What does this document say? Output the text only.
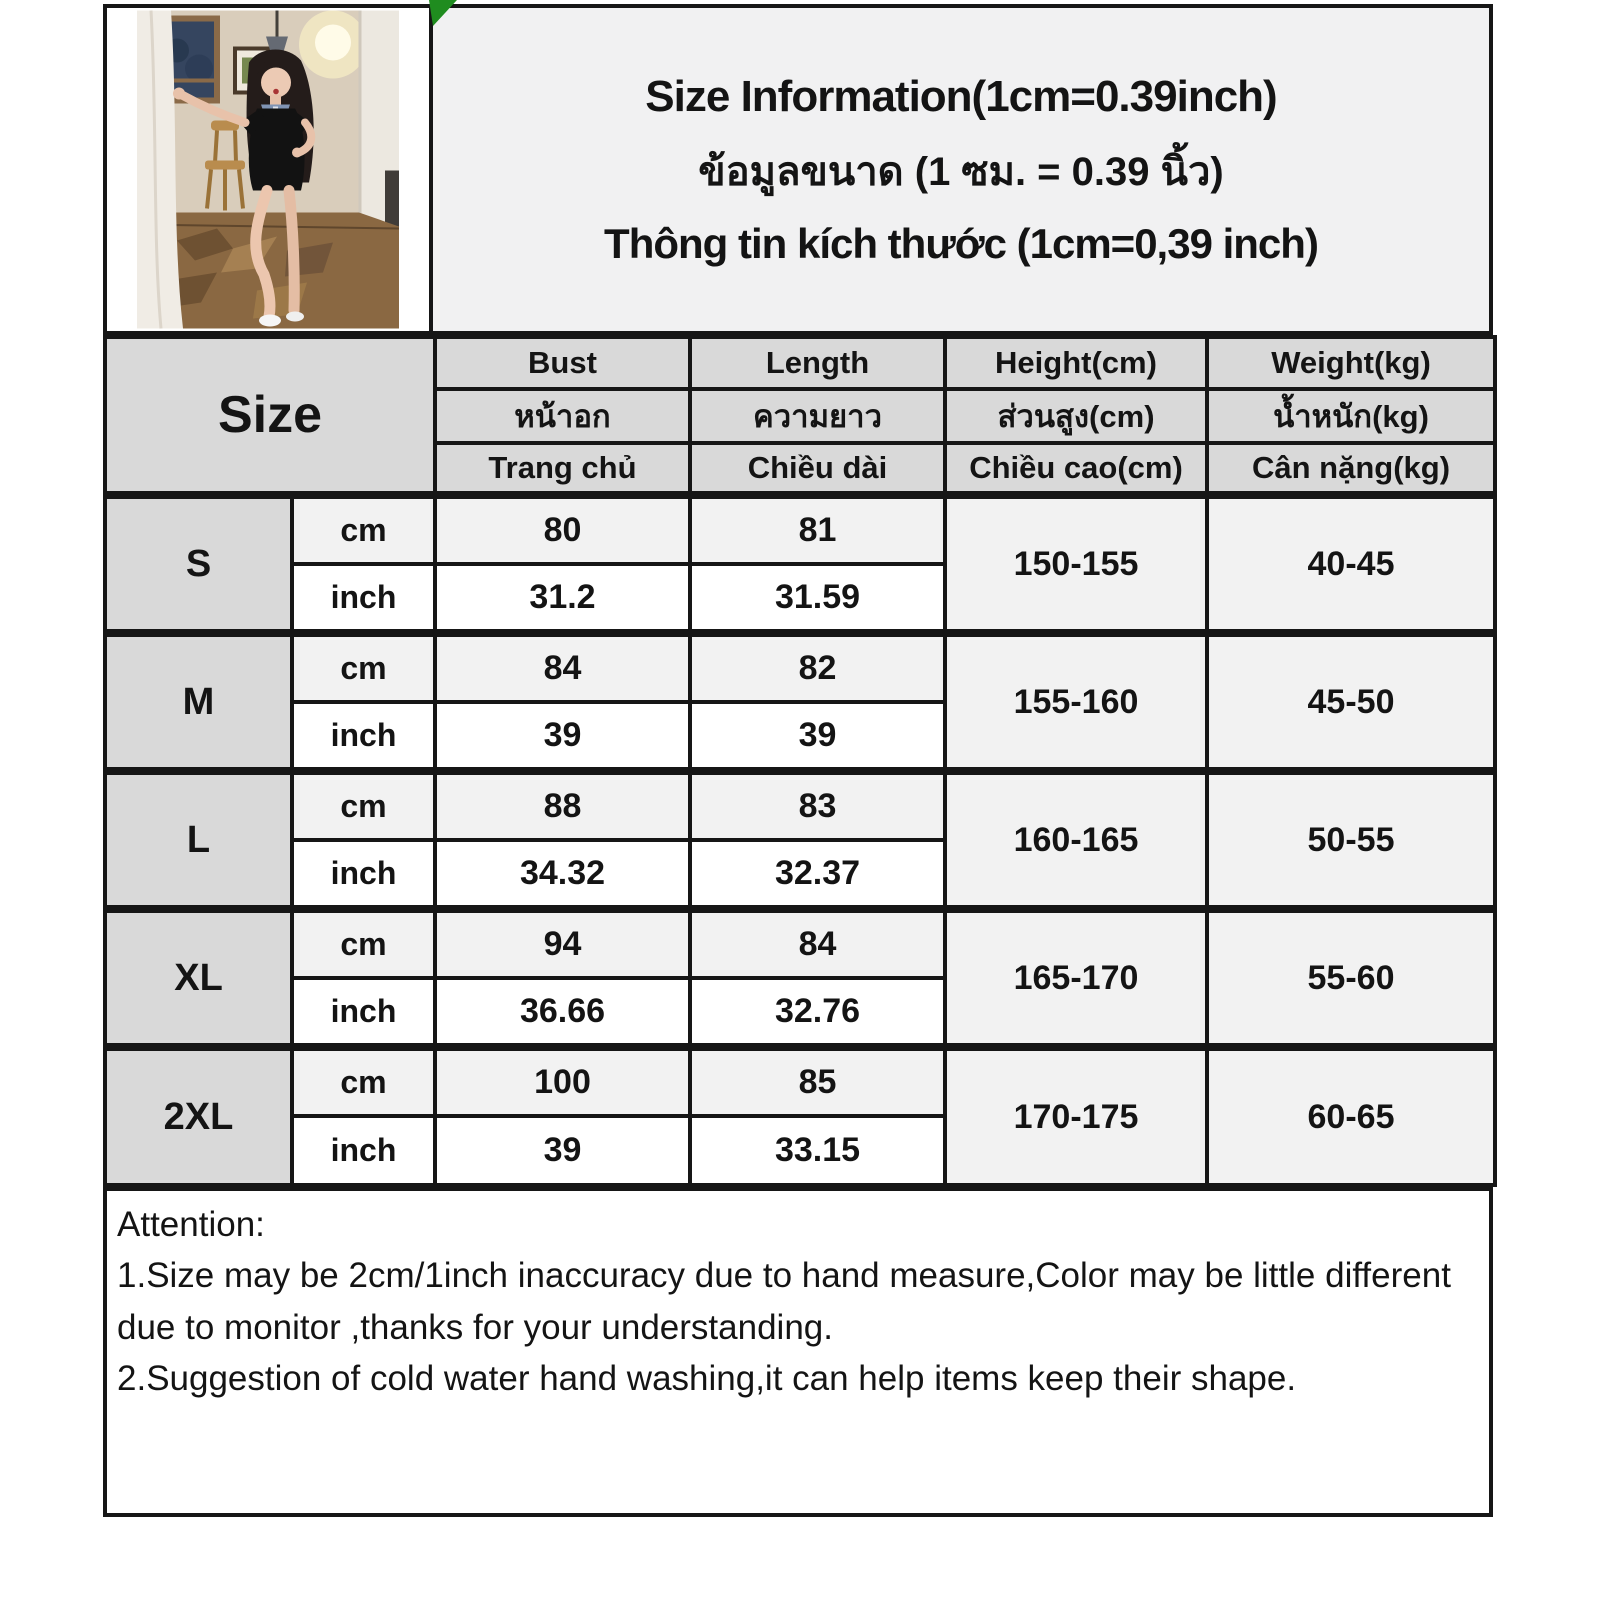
Size Information(1cm=0.39inch)
ข้อมูลขนาด (1 ซม. = 0.39 นิ้ว)
Thông tin kích thước (1cm=0,39 inch)
Size		Bust	Length	Height(cm)	Weight(kg)
		หน้าอก	ความยาว	ส่วนสูง(cm)	น้ำหนัก(kg)
		Trang chủ	Chiều dài	Chiều cao(cm)	Cân nặng(kg)
S	cm	80	81	150-155	40-45
	inch	31.2	31.59		
M	cm	84	82	155-160	45-50
	inch	39	39		
L	cm	88	83	160-165	50-55
	inch	34.32	32.37		
XL	cm	94	84	165-170	55-60
	inch	36.66	32.76		
2XL	cm	100	85	170-175	60-65
	inch	39	33.15		

Attention:

1.Size may be 2cm/1inch inaccuracy due to hand measure,Color may be little different due to monitor ,thanks for your understanding.

2.Suggestion of cold water hand washing,it can help items keep their shape.
